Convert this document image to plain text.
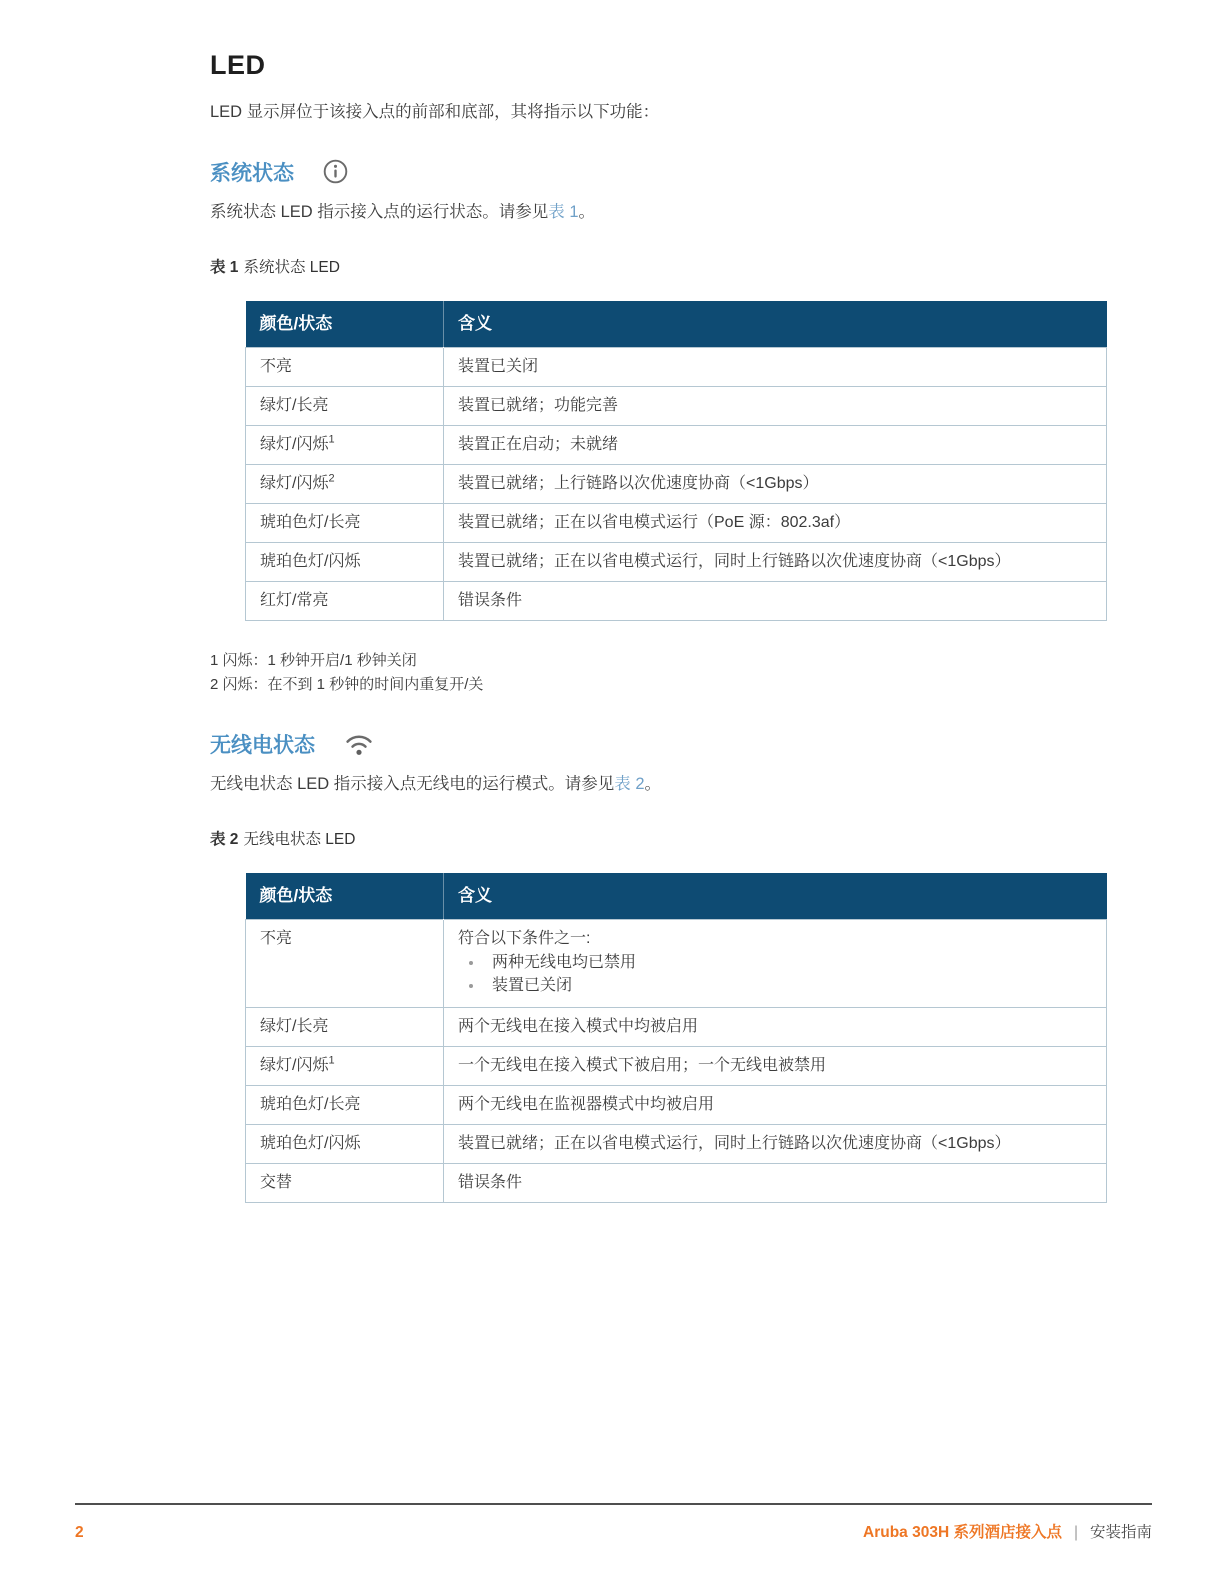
LED

LED 显示屏位于该接入点的前部和底部，其将指示以下功能：

系统状态

系统状态 LED 指示接入点的运行状态。请参见表 1。

表 1 系统状态 LED

颜色/状态	含义
不亮	装置已关闭
绿灯/长亮	装置已就绪；功能完善
绿灯/闪烁$^1$	装置正在启动；未就绪
绿灯/闪烁$^2$	装置已就绪；上行链路以次优速度协商（<1Gbps）
琥珀色灯/长亮	装置已就绪；正在以省电模式运行（PoE 源：802.3af）
琥珀色灯/闪烁	装置已就绪；正在以省电模式运行，同时上行链路以次优速度协商（<1Gbps）
红灯/常亮	错误条件
1 闪烁：1 秒钟开启/1 秒钟关闭
2 闪烁：在不到 1 秒钟的时间内重复开/关
无线电状态

无线电状态 LED 指示接入点无线电的运行模式。请参见表 2。

表 2 无线电状态 LED

颜色/状态	含义
不亮	符合以下条件之一:
• 两种无线电均已禁用
• 装置已关闭

绿灯/长亮	两个无线电在接入模式中均被启用
绿灯/闪烁$^1$	一个无线电在接入模式下被启用；一个无线电被禁用
琥珀色灯/长亮	两个无线电在监视器模式中均被启用
琥珀色灯/闪烁	装置已就绪；正在以省电模式运行，同时上行链路以次优速度协商（<1Gbps）
交替	错误条件
2	Aruba 303H 系列酒店接入点 | 安装指南
